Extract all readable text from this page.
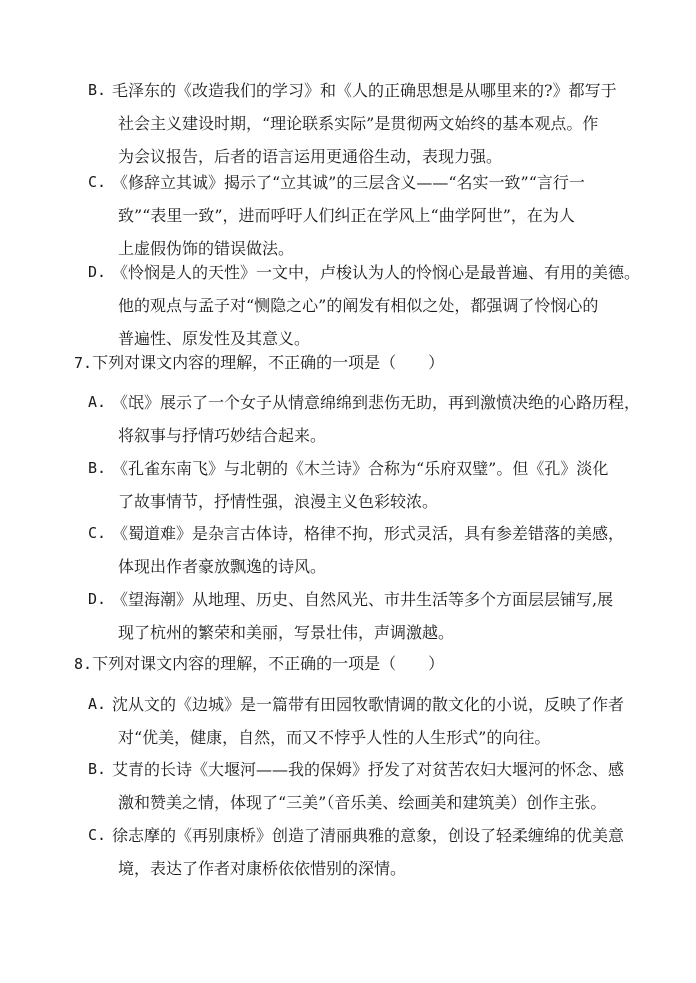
B. 毛泽东的《改造我们的学习》和《人的正确思想是从哪里来的?》都写于
社会主义建设时期，“理论联系实际”是贯彻两文始终的基本观点。作
为会议报告，后者的语言运用更通俗生动，表现力强。
C. 《修辞立其诚》揭示了“立其诚”的三层含义——“名实一致”“言行一
致”“表里一致”，进而呼吁人们纠正在学风上“曲学阿世”，在为人
上虚假伪饰的错误做法。
D. 《怜悯是人的天性》一文中，卢梭认为人的怜悯心是最普遍、有用的美德。
他的观点与孟子对“恻隐之心”的阐发有相似之处，都强调了怜悯心的
普遍性、原发性及其意义。
7.下列对课文内容的理解，不正确的一项是（　　）
A. 《氓》展示了一个女子从情意绵绵到悲伤无助，再到激愤决绝的心路历程，
将叙事与抒情巧妙结合起来。
B. 《孔雀东南飞》与北朝的《木兰诗》合称为“乐府双璧”。但《孔》淡化
了故事情节，抒情性强，浪漫主义色彩较浓。
C. 《蜀道难》是杂言古体诗，格律不拘，形式灵活，具有参差错落的美感，
体现出作者豪放飘逸的诗风。
D. 《望海潮》从地理、历史、自然风光、市井生活等多个方面层层铺写,展
现了杭州的繁荣和美丽，写景壮伟，声调激越。
8.下列对课文内容的理解，不正确的一项是（　　）
A. 沈从文的《边城》是一篇带有田园牧歌情调的散文化的小说，反映了作者
对“优美，健康，自然，而又不悖乎人性的人生形式”的向往。
B. 艾青的长诗《大堰河——我的保姆》抒发了对贫苦农妇大堰河的怀念、感
激和赞美之情，体现了“三美”（音乐美、绘画美和建筑美）创作主张。
C. 徐志摩的《再别康桥》创造了清丽典雅的意象，创设了轻柔缠绵的优美意
境，表达了作者对康桥依依惜别的深情。
